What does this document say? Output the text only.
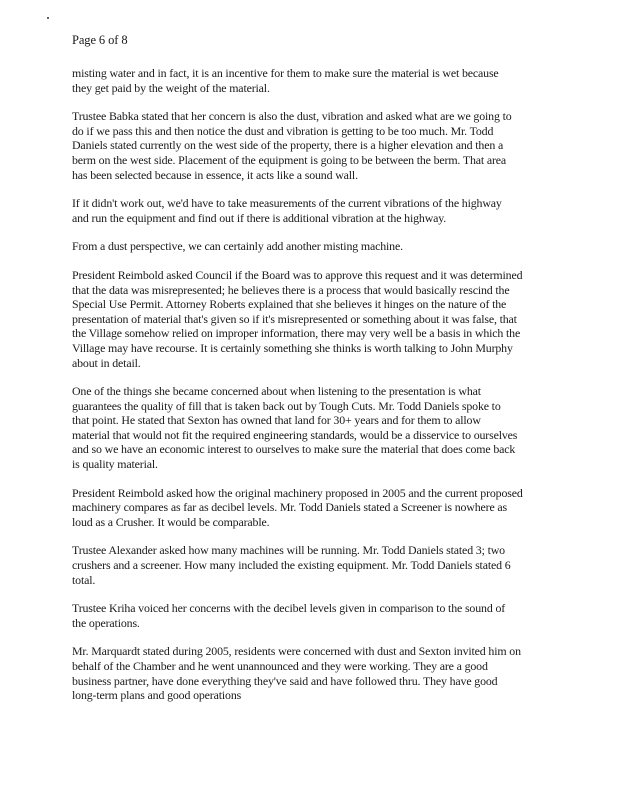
Page 6 of 8
misting water and in fact, it is an incentive for them to make sure the material is wet because
they get paid by the weight of the material.
Trustee Babka stated that her concern is also the dust, vibration and asked what are we going to
do if we pass this and then notice the dust and vibration is getting to be too much. Mr. Todd
Daniels stated currently on the west side of the property, there is a higher elevation and then a
berm on the west side. Placement of the equipment is going to be between the berm. That area
has been selected because in essence, it acts like a sound wall.
If it didn't work out, we'd have to take measurements of the current vibrations of the highway
and run the equipment and find out if there is additional vibration at the highway.
From a dust perspective, we can certainly add another misting machine.
President Reimbold asked Council if the Board was to approve this request and it was determined
that the data was misrepresented; he believes there is a process that would basically rescind the
Special Use Permit. Attorney Roberts explained that she believes it hinges on the nature of the
presentation of material that's given so if it's misrepresented or something about it was false, that
the Village somehow relied on improper information, there may very well be a basis in which the
Village may have recourse. It is certainly something she thinks is worth talking to John Murphy
about in detail.
One of the things she became concerned about when listening to the presentation is what
guarantees the quality of fill that is taken back out by Tough Cuts. Mr. Todd Daniels spoke to
that point. He stated that Sexton has owned that land for 30+ years and for them to allow
material that would not fit the required engineering standards, would be a disservice to ourselves
and so we have an economic interest to ourselves to make sure the material that does come back
is quality material.
President Reimbold asked how the original machinery proposed in 2005 and the current proposed
machinery compares as far as decibel levels. Mr. Todd Daniels stated a Screener is nowhere as
loud as a Crusher. It would be comparable.
Trustee Alexander asked how many machines will be running. Mr. Todd Daniels stated 3; two
crushers and a screener. How many included the existing equipment. Mr. Todd Daniels stated 6
total.
Trustee Kriha voiced her concerns with the decibel levels given in comparison to the sound of
the operations.
Mr. Marquardt stated during 2005, residents were concerned with dust and Sexton invited him on
behalf of the Chamber and he went unannounced and they were working. They are a good
business partner, have done everything they've said and have followed thru. They have good
long-term plans and good operations
